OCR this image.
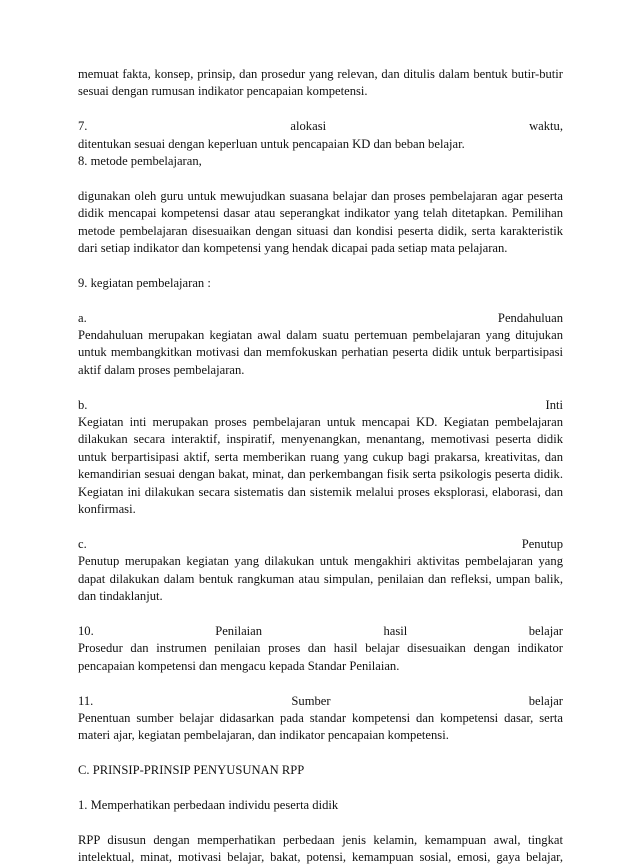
memuat fakta, konsep, prinsip, dan prosedur yang relevan, dan ditulis dalam bentuk butir-butir

sesuai dengan rumusan indikator pencapaian kompetensi.

7. alokasi waktu,

ditentukan sesuai dengan keperluan untuk pencapaian KD dan beban belajar.

8. metode pembelajaran,

digunakan oleh guru untuk mewujudkan suasana belajar dan proses pembelajaran agar peserta

didik mencapai kompetensi dasar atau seperangkat indikator yang telah ditetapkan. Pemilihan

metode pembelajaran disesuaikan dengan situasi dan kondisi peserta didik, serta karakteristik

dari setiap indikator dan kompetensi yang hendak dicapai pada setiap mata pelajaran.

9. kegiatan pembelajaran :

a. Pendahuluan

Pendahuluan merupakan kegiatan awal dalam suatu pertemuan pembelajaran yang ditujukan

untuk membangkitkan motivasi dan memfokuskan perhatian peserta didik untuk berpartisipasi

aktif dalam proses pembelajaran.

b. Inti

Kegiatan inti merupakan proses pembelajaran untuk mencapai KD. Kegiatan pembelajaran

dilakukan secara interaktif, inspiratif, menyenangkan, menantang, memotivasi peserta didik

untuk berpartisipasi aktif, serta memberikan ruang yang cukup bagi prakarsa, kreativitas, dan

kemandirian sesuai dengan bakat, minat, dan perkembangan fisik serta psikologis peserta didik.

Kegiatan ini dilakukan secara sistematis dan sistemik melalui proses eksplorasi, elaborasi, dan

konfirmasi.

c. Penutup

Penutup merupakan kegiatan yang dilakukan untuk mengakhiri aktivitas pembelajaran yang

dapat dilakukan dalam bentuk rangkuman atau simpulan, penilaian dan refleksi, umpan balik,

dan tindaklanjut.

10. Penilaian hasil belajar

Prosedur dan instrumen penilaian proses dan hasil belajar disesuaikan dengan indikator

pencapaian kompetensi dan mengacu kepada Standar Penilaian.

11. Sumber belajar

Penentuan sumber belajar didasarkan pada standar kompetensi dan kompetensi dasar, serta

materi ajar, kegiatan pembelajaran, dan indikator pencapaian kompetensi.

C. PRINSIP-PRINSIP PENYUSUNAN RPP

1. Memperhatikan perbedaan individu peserta didik

RPP disusun dengan memperhatikan perbedaan jenis kelamin, kemampuan awal, tingkat

intelektual, minat, motivasi belajar, bakat, potensi, kemampuan sosial, emosi, gaya belajar,
